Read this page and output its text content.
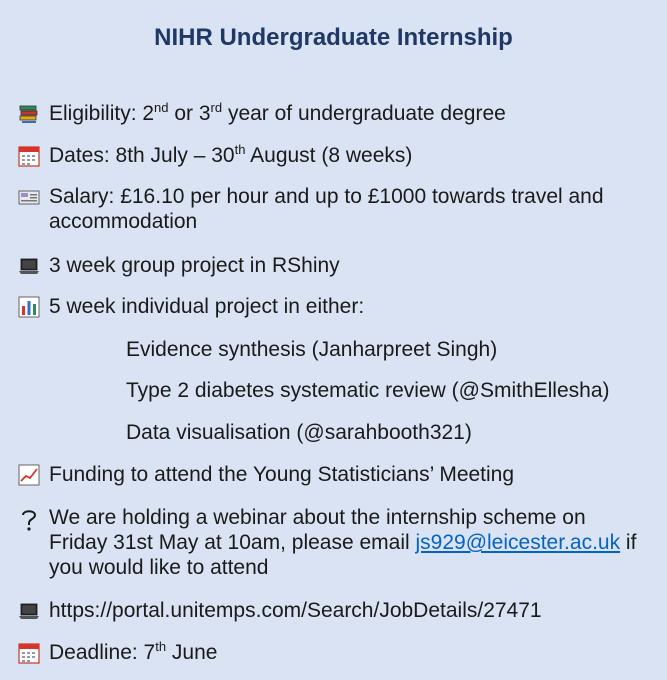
NIHR Undergraduate Internship
Eligibility: 2nd or 3rd year of undergraduate degree
Dates: 8th July – 30th August (8 weeks)
Salary: £16.10 per hour and up to £1000 towards travel and accommodation
3 week group project in RShiny
5 week individual project in either:
Evidence synthesis (Janharpreet Singh)
Type 2 diabetes systematic review (@SmithEllesha)
Data visualisation (@sarahbooth321)
Funding to attend the Young Statisticians’ Meeting
We are holding a webinar about the internship scheme on Friday 31st May at 10am, please email js929@leicester.ac.uk if you would like to attend
https://portal.unitemps.com/Search/JobDetails/27471
Deadline: 7th June
